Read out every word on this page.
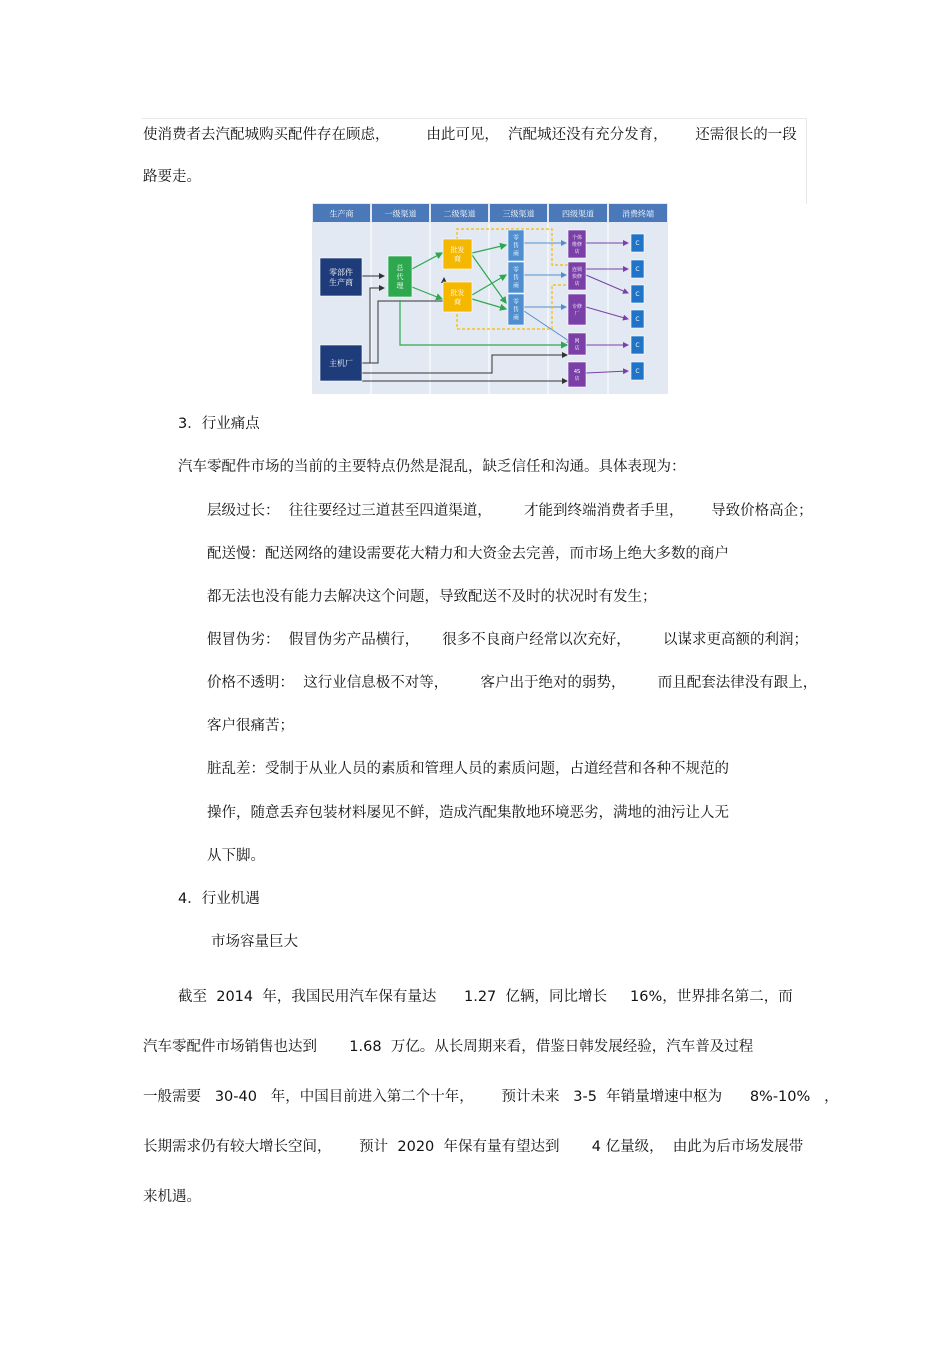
使消费者去汽配城购买配件存在顾虑，        由此可见，  汽配城还没有充分发育，      还需很长的一段
路要走。
生产商	一级渠道	二级渠道	三级渠道	四级渠道	消费终端
零部件
生产商
主机厂
总
代
理
批发
商
批发
商
零
售
商
零
售
商
零
售
商
个体
维修
店
连锁
快修
店
专修
厂
网
店
4S
店
C
C
C
C
C
C
3．行业痛点
汽车零配件市场的当前的主要特点仍然是混乱，缺乏信任和沟通。具体表现为：
层级过长：  往往要经过三道甚至四道渠道，       才能到终端消费者手里，      导致价格高企；
配送慢：配送网络的建设需要花大精力和大资金去完善，而市场上绝大多数的商户
都无法也没有能力去解决这个问题，导致配送不及时的状况时有发生；
假冒伪劣：  假冒伪劣产品横行，     很多不良商户经常以次充好，       以谋求更高额的利润；
价格不透明：  这行业信息极不对等，       客户出于绝对的弱势，       而且配套法律没有跟上，
客户很痛苦；
脏乱差：受制于从业人员的素质和管理人员的素质问题，占道经营和各种不规范的
操作，随意丢弃包装材料屡见不鲜，造成汽配集散地环境恶劣，满地的油污让人无
从下脚。
4．行业机遇
市场容量巨大
截至  2014  年，我国民用汽车保有量达      1.27  亿辆，同比增长     16%，世界排名第二，而
汽车零配件市场销售也达到       1.68  万亿。从长周期来看，借鉴日韩发展经验，汽车普及过程
一般需要   30-40   年，中国目前进入第二个十年，      预计未来   3-5  年销量增速中枢为      8%-10%   ，
长期需求仍有较大增长空间，      预计  2020  年保有量有望达到       4 亿量级，  由此为后市场发展带
来机遇。
